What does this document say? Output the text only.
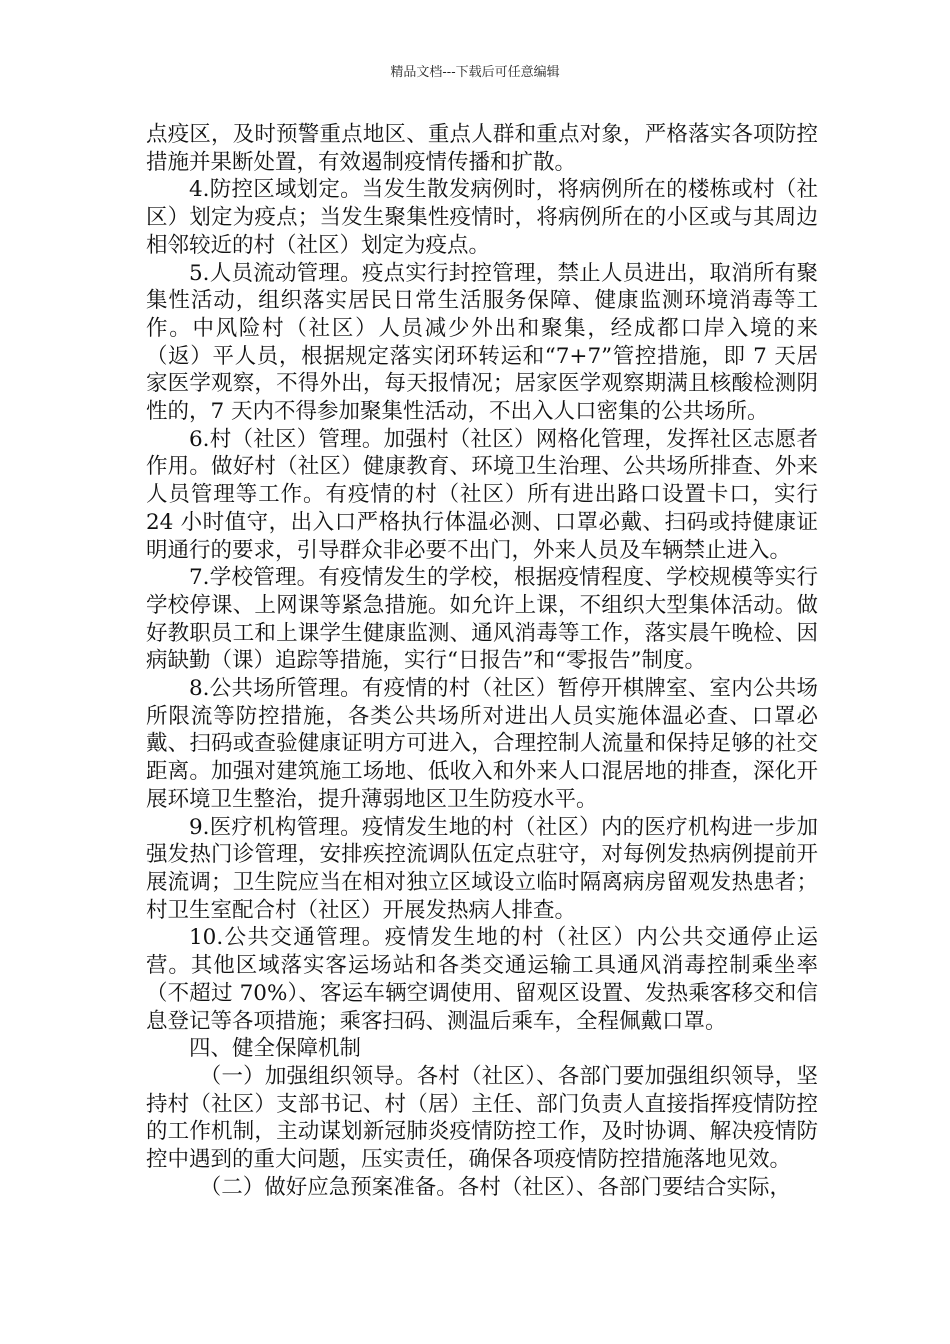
精品文档---下载后可任意编辑

点疫区，及时预警重点地区、重点人群和重点对象，严格落实各项防控措施并果断处置，有效遏制疫情传播和扩散。

4.防控区域划定。当发生散发病例时，将病例所在的楼栋或村（社区）划定为疫点；当发生聚集性疫情时，将病例所在的小区或与其周边相邻较近的村（社区）划定为疫点。

5.人员流动管理。疫点实行封控管理，禁止人员进出，取消所有聚集性活动，组织落实居民日常生活服务保障、健康监测环境消毒等工作。中风险村（社区）人员减少外出和聚集，经成都口岸入境的来（返）平人员，根据规定落实闭环转运和“7+7”管控措施，即 7 天居家医学观察，不得外出，每天报情况；居家医学观察期满且核酸检测阴性的，7 天内不得参加聚集性活动，不出入人口密集的公共场所。

6.村（社区）管理。加强村（社区）网格化管理，发挥社区志愿者作用。做好村（社区）健康教育、环境卫生治理、公共场所排查、外来人员管理等工作。有疫情的村（社区）所有进出路口设置卡口，实行 24 小时值守，出入口严格执行体温必测、口罩必戴、扫码或持健康证明通行的要求，引导群众非必要不出门，外来人员及车辆禁止进入。

7.学校管理。有疫情发生的学校，根据疫情程度、学校规模等实行学校停课、上网课等紧急措施。如允许上课，不组织大型集体活动。做好教职员工和上课学生健康监测、通风消毒等工作，落实晨午晚检、因病缺勤（课）追踪等措施，实行“日报告”和“零报告”制度。

8.公共场所管理。有疫情的村（社区）暂停开棋牌室、室内公共场所限流等防控措施，各类公共场所对进出人员实施体温必查、口罩必戴、扫码或查验健康证明方可进入，合理控制人流量和保持足够的社交距离。加强对建筑施工场地、低收入和外来人口混居地的排查，深化开展环境卫生整治，提升薄弱地区卫生防疫水平。

9.医疗机构管理。疫情发生地的村（社区）内的医疗机构进一步加强发热门诊管理，安排疾控流调队伍定点驻守，对每例发热病例提前开展流调；卫生院应当在相对独立区域设立临时隔离病房留观发热患者；村卫生室配合村（社区）开展发热病人排查。

10.公共交通管理。疫情发生地的村（社区）内公共交通停止运营。其他区域落实客运场站和各类交通运输工具通风消毒控制乘坐率（不超过 70%）、客运车辆空调使用、留观区设置、发热乘客移交和信息登记等各项措施；乘客扫码、测温后乘车，全程佩戴口罩。

四、健全保障机制

（一）加强组织领导。各村（社区）、各部门要加强组织领导，坚持村（社区）支部书记、村（居）主任、部门负责人直接指挥疫情防控的工作机制，主动谋划新冠肺炎疫情防控工作，及时协调、解决疫情防控中遇到的重大问题，压实责任，确保各项疫情防控措施落地见效。

（二）做好应急预案准备。各村（社区）、各部门要结合实际，
